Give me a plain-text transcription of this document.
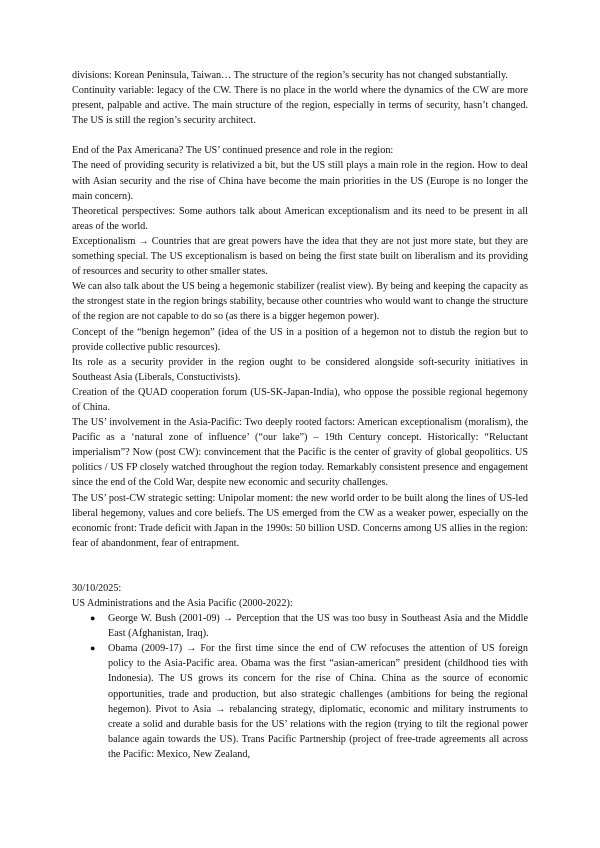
divisions: Korean Peninsula, Taiwan… The structure of the region’s security has not changed substantially.

Continuity variable: legacy of the CW. There is no place in the world where the dynamics of the CW are more present, palpable and active. The main structure of the region, especially in terms of security, hasn’t changed. The US is still the region’s security architect.

End of the Pax Americana? The US’ continued presence and role in the region:

The need of providing security is relativized a bit, but the US still plays a main role in the region. How to deal with Asian security and the rise of China have become the main priorities in the US (Europe is no longer the main concern).

Theoretical perspectives: Some authors talk about American exceptionalism and its need to be present in all areas of the world.

Exceptionalism → Countries that are great powers have the idea that they are not just more state, but they are something special. The US exceptionalism is based on being the first state built on liberalism and its providing of resources and security to other smaller states.

We can also talk about the US being a hegemonic stabilizer (realist view). By being and keeping the capacity as the strongest state in the region brings stability, because other countries who would want to change the structure of the region are not capable to do so (as there is a bigger hegemon power).

Concept of the “benign hegemon” (idea of the US in a position of a hegemon not to distub the region but to provide collective public resources).

Its role as a security provider in the region ought to be considered alongside soft-security initiatives in Southeast Asia (Liberals, Constuctivists).

Creation of the QUAD cooperation forum (US-SK-Japan-India), who oppose the possible regional hegemony of China.

The US’ involvement in the Asia-Pacific: Two deeply rooted factors: American exceptionalism (moralism), the Pacific as a ‘natural zone of influence’ (“our lake”) – 19th Century concept. Historically: “Reluctant imperialism”? Now (post CW): convincement that the Pacific is the center of gravity of global geopolitics. US politics / US FP closely watched throughout the region today. Remarkably consistent presence and engagement since the end of the Cold War, despite new economic and security challenges.

The US’ post-CW strategic setting: Unipolar moment: the new world order to be built along the lines of US-led liberal hegemony, values and core beliefs. The US emerged from the CW as a weaker power, especially on the economic front: Trade deficit with Japan in the 1990s: 50 billion USD. Concerns among US allies in the region: fear of abandonment, fear of entrapment.

30/10/2025:

US Administrations and the Asia Pacific (2000-2022):

● George W. Bush (2001-09) → Perception that the US was too busy in Southeast Asia and the Middle East (Afghanistan, Iraq).
● Obama (2009-17) → For the first time since the end of CW refocuses the attention of US foreign policy to the Asia-Pacific area. Obama was the first “asian-american” president (childhood ties with Indonesia). The US grows its concern for the rise of China. China as the source of economic opportunities, trade and production, but also strategic challenges (ambitions for being the regional hegemon). Pivot to Asia → rebalancing strategy, diplomatic, economic and military instruments to create a solid and durable basis for the US’ relations with the region (trying to tilt the regional power balance again towards the US). Trans Pacific Partnership (project of free-trade agreements all across the Pacific: Mexico, New Zealand,
